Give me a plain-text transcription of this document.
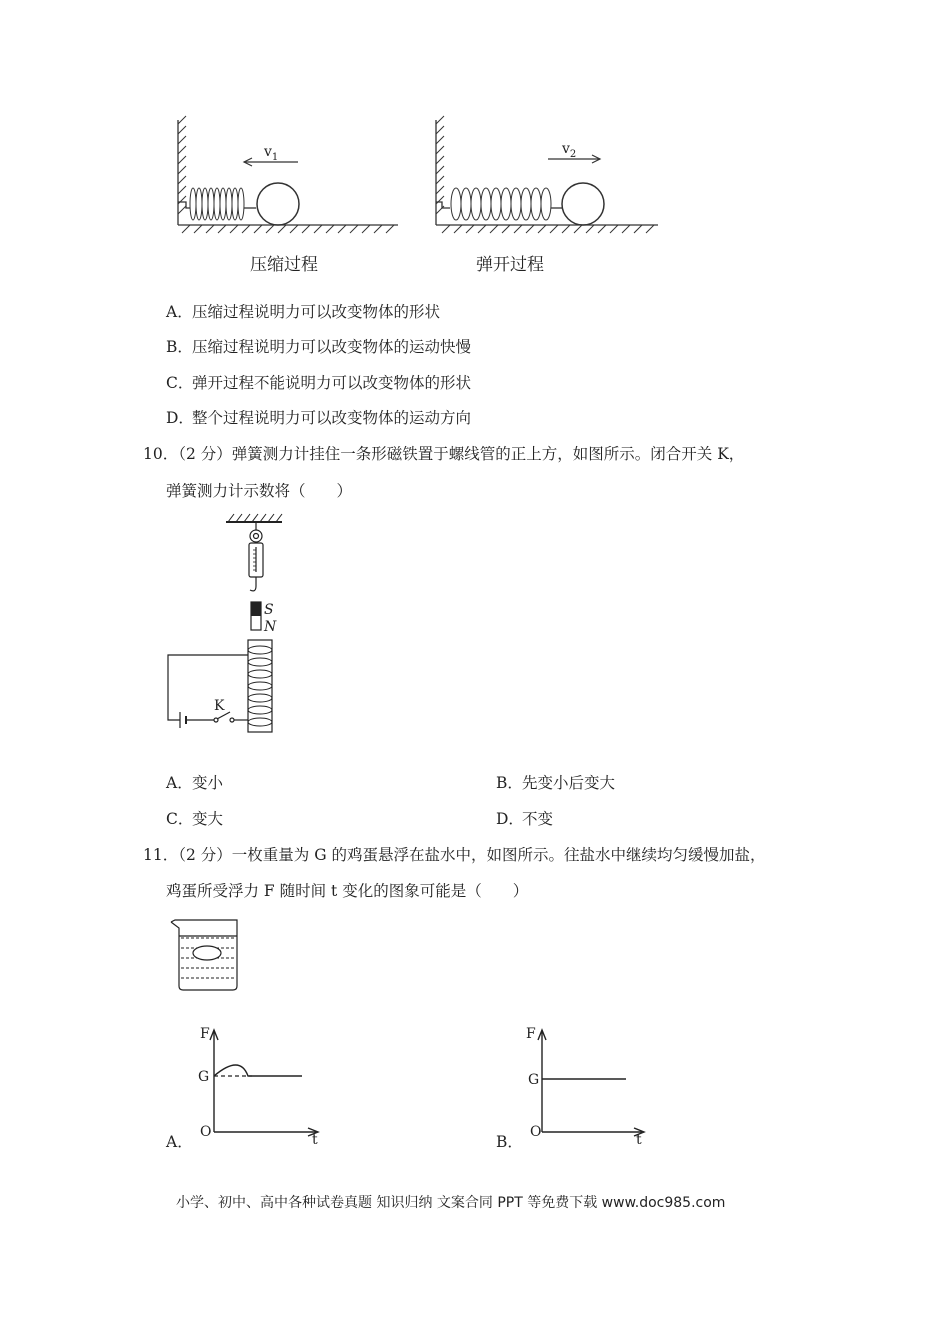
$v_1$
$v_2$
压缩过程	弹开过程
A．压缩过程说明力可以改变物体的形状
B．压缩过程说明力可以改变物体的运动快慢
C．弹开过程不能说明力可以改变物体的形状
D．整个过程说明力可以改变物体的运动方向
10．（2 分）弹簧测力计挂住一条形磁铁置于螺线管的正上方，如图所示。闭合开关 K，
弹簧测力计示数将（　　）
S
N
K
A．变小	B．先变小后变大
C．变大	D．不变
11．（2 分）一枚重量为 G 的鸡蛋悬浮在盐水中，如图所示。往盐水中继续均匀缓慢加盐，
鸡蛋所受浮力 F 随时间 t 变化的图象可能是（　　）
F
G
O	t
A．
F
G
O	t
B．
小学、初中、高中各种试卷真题 知识归纳 文案合同 PPT 等免费下载 www.doc985.com
